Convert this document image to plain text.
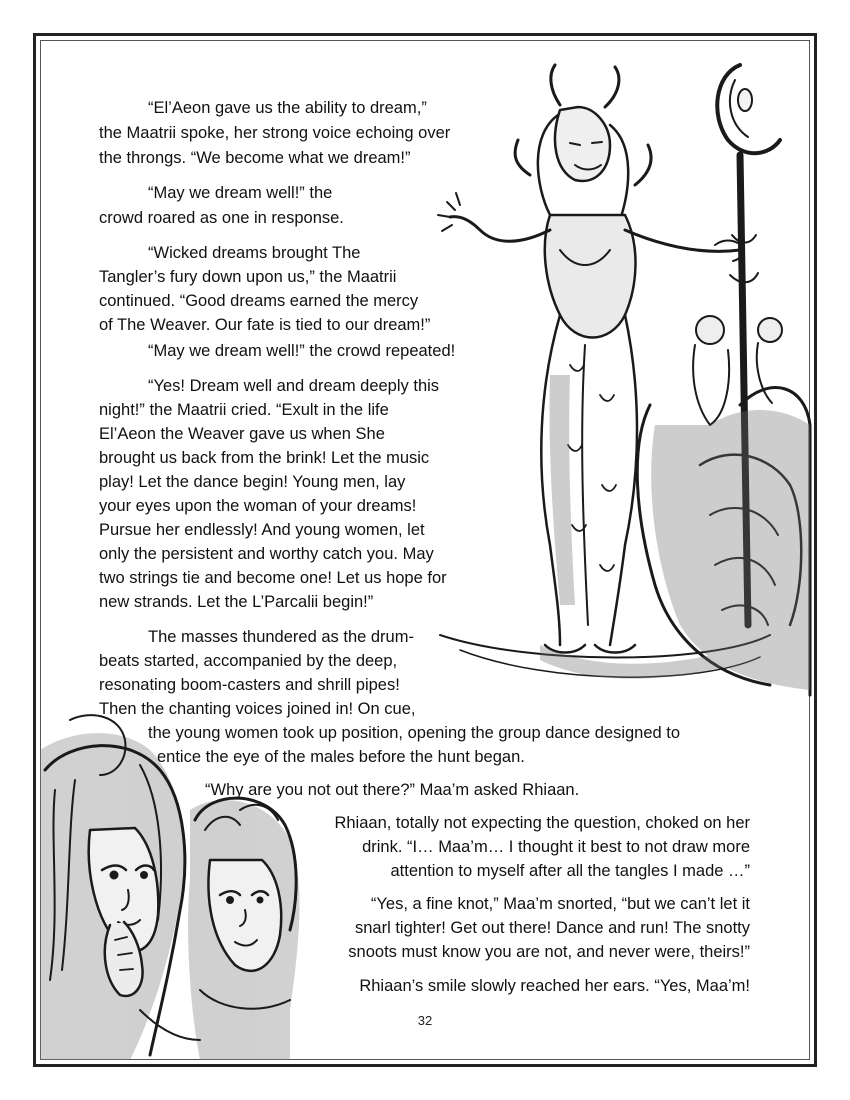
“El’Aeon gave us the ability to dream,”

the Maatrii spoke, her strong voice echoing over

the throngs. “We become what we dream!”

“May we dream well!” the

crowd roared as one in response.

“Wicked dreams brought The

Tangler’s fury down upon us,” the Maatrii

continued. “Good dreams earned the mercy

of The Weaver. Our fate is tied to our dream!”

“May we dream well!” the crowd repeated!

“Yes! Dream well and dream deeply this

night!” the Maatrii cried. “Exult in the life

El’Aeon the Weaver gave us when She

brought us back from the brink! Let the music

play! Let the dance begin! Young men, lay

your eyes upon the woman of your dreams!

Pursue her endlessly! And young women, let

only the persistent and worthy catch you. May

two strings tie and become one! Let us hope for

new strands. Let the L’Parcalii begin!”

The masses thundered as the drum-

beats started, accompanied by the deep,

resonating boom-casters and shrill pipes!

Then the chanting voices joined in! On cue,

the young women took up position, opening the group dance designed to

entice the eye of the males before the hunt began.

“Why are you not out there?” Maa’m asked Rhiaan.

Rhiaan, totally not expecting the question, choked on her

drink. “I… Maa’m… I thought it best to not draw more

attention to myself after all the tangles I made …”

“Yes, a fine knot,” Maa’m snorted, “but we can’t let it

snarl tighter! Get out there! Dance and run! The snotty

snoots must know you are not, and never were, theirs!”

Rhiaan’s smile slowly reached her ears. “Yes, Maa’m!

32
